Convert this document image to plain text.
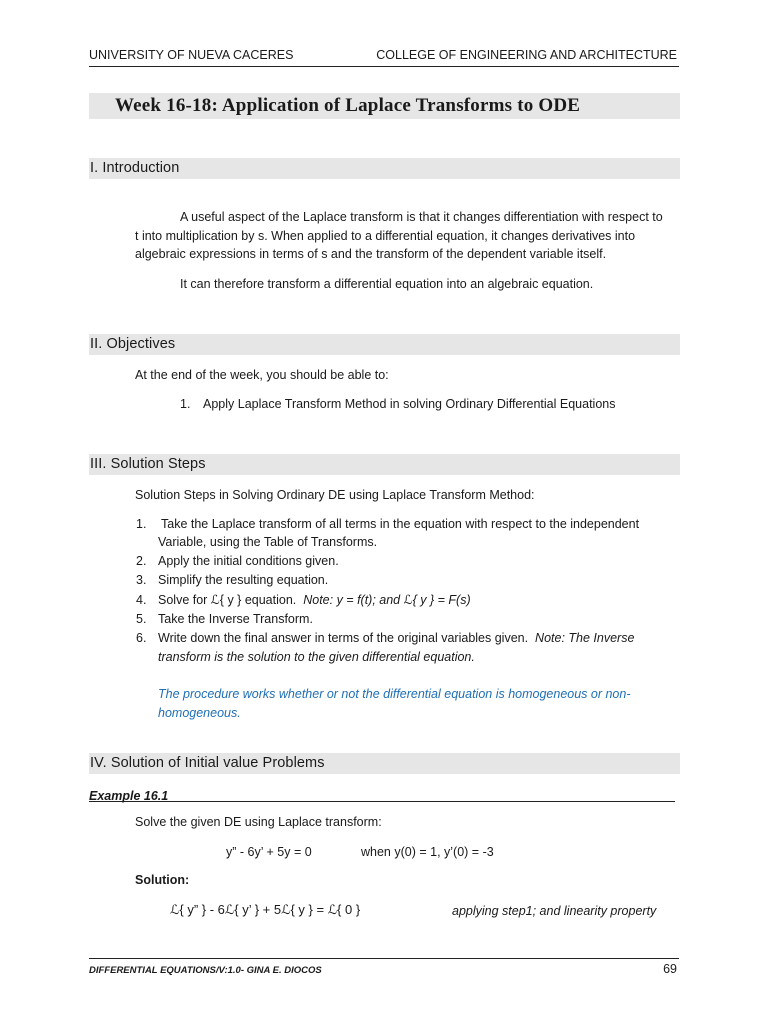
UNIVERSITY OF NUEVA CACERES	COLLEGE OF ENGINEERING AND ARCHITECTURE
Week 16-18: Application of Laplace Transforms to ODE
I. Introduction
A useful aspect of the Laplace transform is that it changes differentiation with respect to
t into multiplication by s. When applied to a differential equation, it changes derivatives into
algebraic expressions in terms of s and the transform of the dependent variable itself.
It can therefore transform a differential equation into an algebraic equation.
II. Objectives
At the end of the week, you should be able to:
1. Apply Laplace Transform Method in solving Ordinary Differential Equations
III. Solution Steps
Solution Steps in Solving Ordinary DE using Laplace Transform Method:
1. Take the Laplace transform of all terms in the equation with respect to the independent
Variable, using the Table of Transforms.
2. Apply the initial conditions given.
3. Simplify the resulting equation.
4. Solve for ℒ{ y } equation. Note: y = f(t); and ℒ{ y } = F(s)
5. Take the Inverse Transform.
6. Write down the final answer in terms of the original variables given. Note: The Inverse
transform is the solution to the given differential equation.
The procedure works whether or not the differential equation is homogeneous or non-
homogeneous.
IV. Solution of Initial value Problems
Example 16.1
Solve the given DE using Laplace transform:
y” - 6y’ + 5y = 0	when y(0) = 1, y’(0) = -3
Solution:
ℒ{ y” } - 6ℒ{ y’ } + 5ℒ{ y } = ℒ{ 0 }	applying step1; and linearity property
DIFFERENTIAL EQUATIONS/V:1.0- GINA E. DIOCOS	69
